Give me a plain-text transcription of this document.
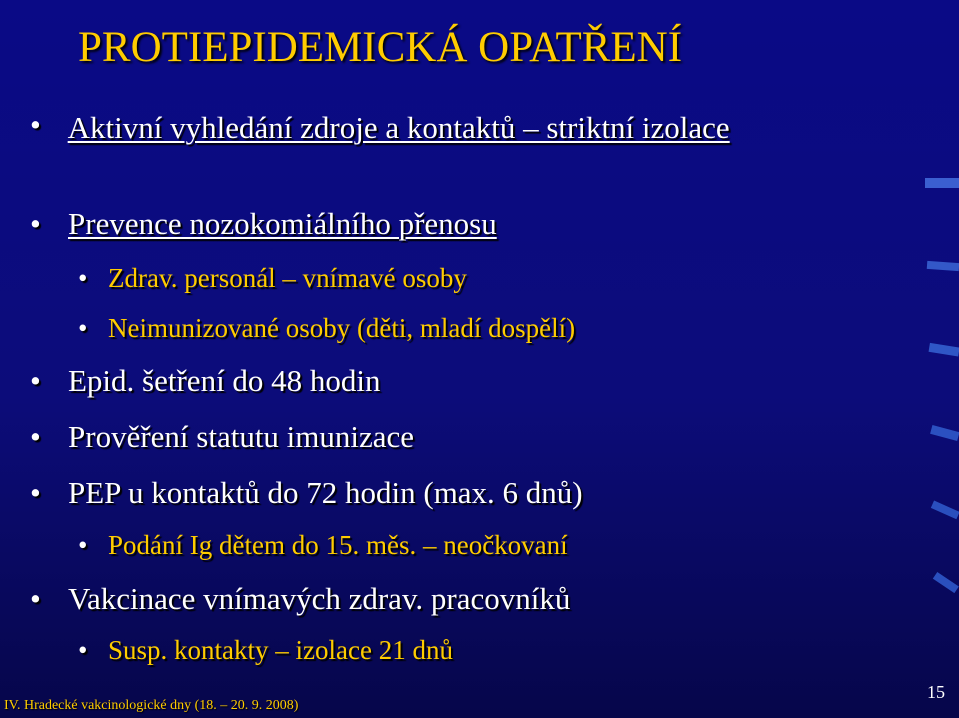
PROTIEPIDEMICKÁ OPATŘENÍ
• Aktivní vyhledání zdroje a kontaktů – striktní izolace
• Prevence nozokomiálního přenosu
• Zdrav. personál – vnímavé osoby
• Neimunizované osoby (děti, mladí dospělí)
• Epid. šetření do 48 hodin
• Prověření statutu imunizace
• PEP u kontaktů do 72 hodin (max. 6 dnů)
• Podání Ig dětem do 15. měs. – neočkovaní
• Vakcinace vnímavých zdrav. pracovníků
• Susp. kontakty – izolace 21 dnů
IV. Hradecké vakcinologické dny (18. – 20. 9. 2008)
15
